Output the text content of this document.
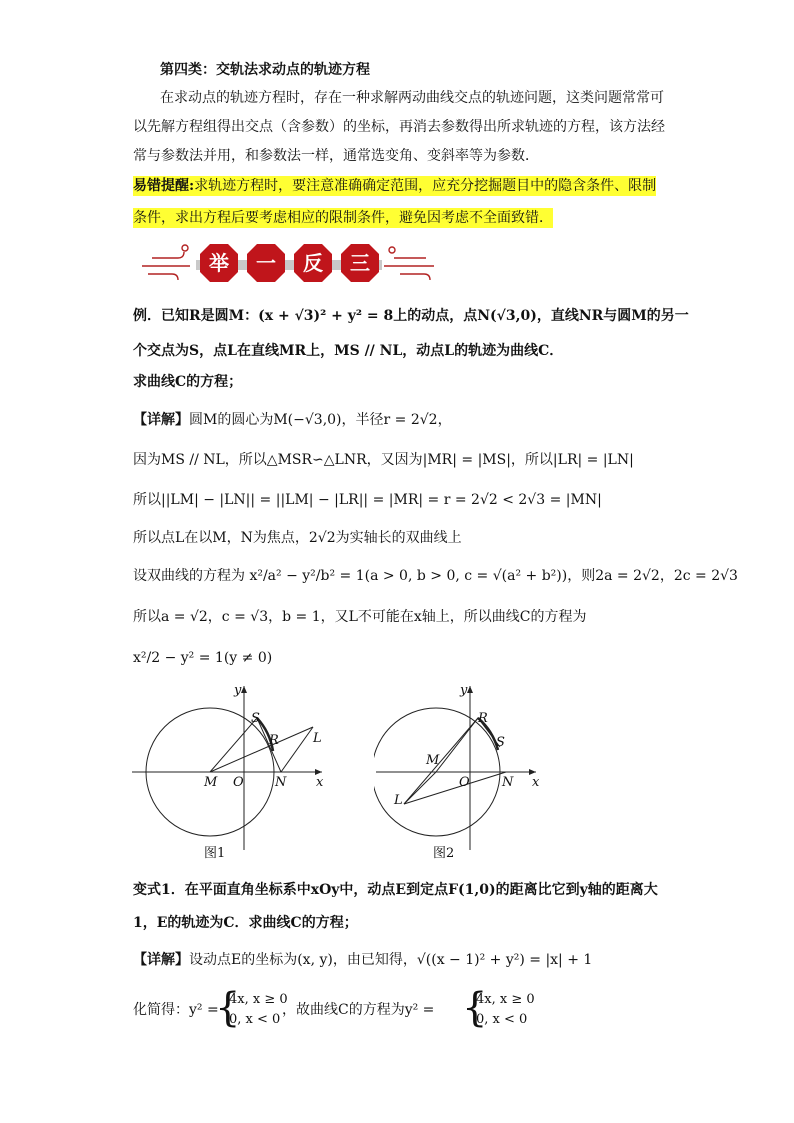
第四类：交轨法求动点的轨迹方程
在求动点的轨迹方程时，存在一种求解两动曲线交点的轨迹问题，这类问题常常可
以先解方程组得出交点（含参数）的坐标，再消去参数得出所求轨迹的方程，该方法经
常与参数法并用，和参数法一样，通常选变角、变斜率等为参数．
易错提醒:求轨迹方程时，要注意准确确定范围，应充分挖掘题目中的隐含条件、限制
条件，求出方程后要考虑相应的限制条件，避免因考虑不全面致错．
举 一 反 三
例．已知R是圆M：(x + √3)² + y² = 8上的动点，点N(√3,0)，直线NR与圆M的另一
个交点为S，点L在直线MR上，MS // NL，动点L的轨迹为曲线C．
求曲线C的方程；
【详解】圆M的圆心为M(−√3,0)，半径r = 2√2，
因为MS // NL，所以△MSR∽△LNR，又因为|MR| = |MS|，所以|LR| = |LN|
所以||LM| − |LN|| = ||LM| − |LR|| = |MR| = r = 2√2 < 2√3 = |MN|
所以点L在以M，N为焦点，2√2为实轴长的双曲线上
设双曲线的方程为 x²/a² − y²/b² = 1(a > 0, b > 0, c = √(a² + b²))，则2a = 2√2，2c = 2√3
所以a = √2，c = √3，b = 1，又L不可能在x轴上，所以曲线C的方程为
x²/2 − y² = 1(y ≠ 0)
y
x
S
R	L
M O N
图1
y
x
R
S
M
O N
L
图2
变式1．在平面直角坐标系中xOy中，动点E到定点F(1,0)的距离比它到y轴的距离大
1，E的轨迹为C．求曲线C的方程；
【详解】设动点E的坐标为(x, y)，由已知得，√((x − 1)² + y²) = |x| + 1
化简得：y² =
{
4x, x ≥ 0
0, x < 0
，故曲线C的方程为y² = {
4x, x ≥ 0
0, x < 0
